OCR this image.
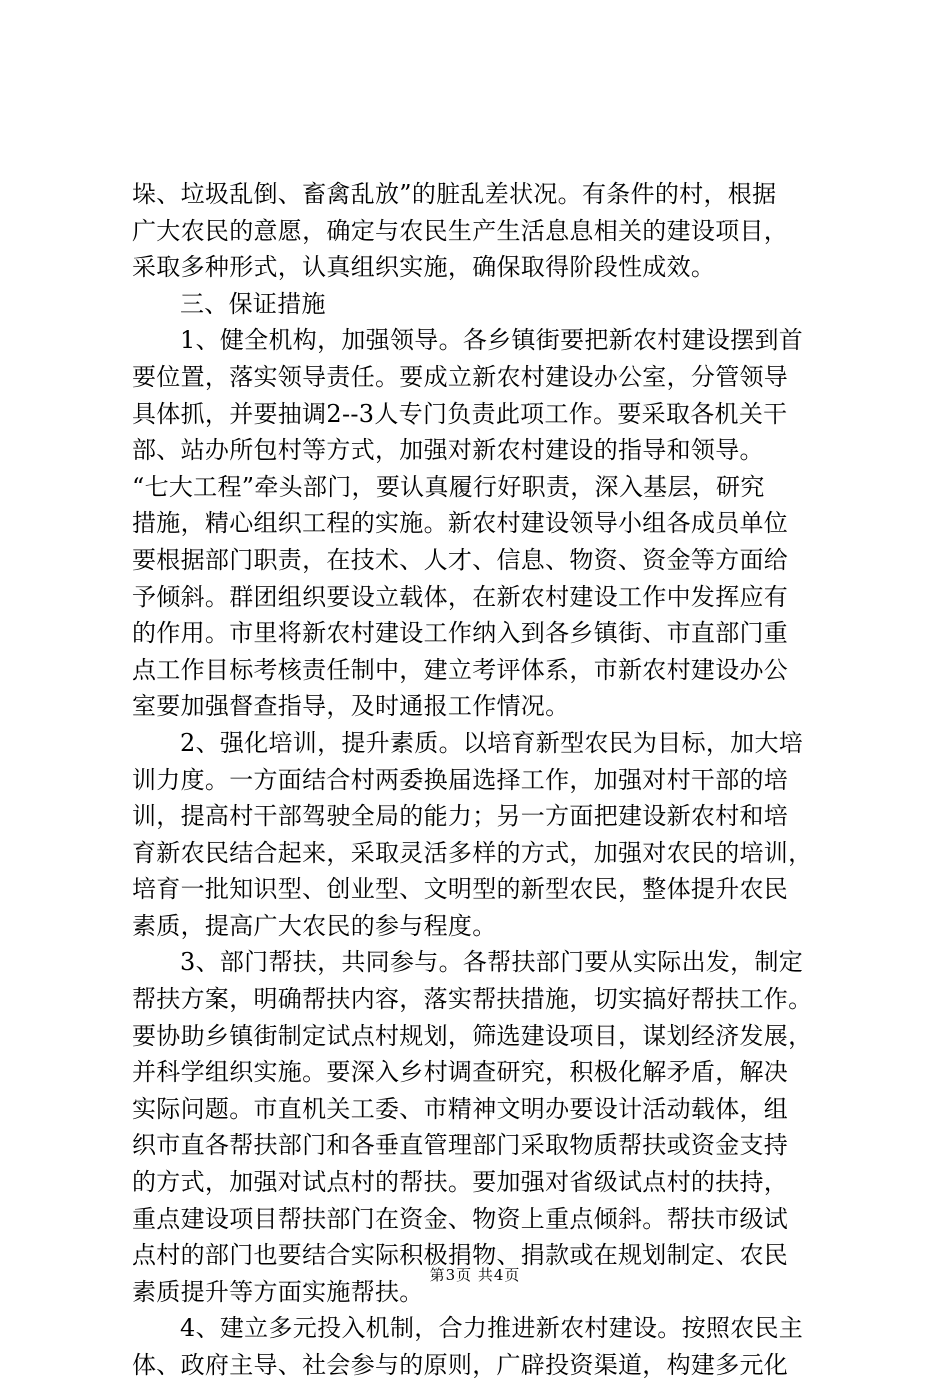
垛、垃圾乱倒、畜禽乱放”的脏乱差状况。有条件的村，根据
广大农民的意愿，确定与农民生产生活息息相关的建设项目，
采取多种形式，认真组织实施，确保取得阶段性成效。
三、保证措施
1、健全机构，加强领导。各乡镇街要把新农村建设摆到首
要位置，落实领导责任。要成立新农村建设办公室，分管领导
具体抓，并要抽调2--3人专门负责此项工作。要采取各机关干
部、站办所包村等方式，加强对新农村建设的指导和领导。
“七大工程”牵头部门，要认真履行好职责，深入基层，研究
措施，精心组织工程的实施。新农村建设领导小组各成员单位
要根据部门职责，在技术、人才、信息、物资、资金等方面给
予倾斜。群团组织要设立载体，在新农村建设工作中发挥应有
的作用。市里将新农村建设工作纳入到各乡镇街、市直部门重
点工作目标考核责任制中，建立考评体系，市新农村建设办公
室要加强督查指导，及时通报工作情况。
2、强化培训，提升素质。以培育新型农民为目标，加大培
训力度。一方面结合村两委换届选择工作，加强对村干部的培
训，提高村干部驾驶全局的能力；另一方面把建设新农村和培
育新农民结合起来，采取灵活多样的方式，加强对农民的培训，
培育一批知识型、创业型、文明型的新型农民，整体提升农民
素质，提高广大农民的参与程度。
3、部门帮扶，共同参与。各帮扶部门要从实际出发，制定
帮扶方案，明确帮扶内容，落实帮扶措施，切实搞好帮扶工作。
要协助乡镇街制定试点村规划，筛选建设项目，谋划经济发展，
并科学组织实施。要深入乡村调查研究，积极化解矛盾，解决
实际问题。市直机关工委、市精神文明办要设计活动载体，组
织市直各帮扶部门和各垂直管理部门采取物质帮扶或资金支持
的方式，加强对试点村的帮扶。要加强对省级试点村的扶持，
重点建设项目帮扶部门在资金、物资上重点倾斜。帮扶市级试
点村的部门也要结合实际积极捐物、捐款或在规划制定、农民
素质提升等方面实施帮扶。
4、建立多元投入机制，合力推进新农村建设。按照农民主
体、政府主导、社会参与的原则，广辟投资渠道，构建多元化
第3页 共4页
